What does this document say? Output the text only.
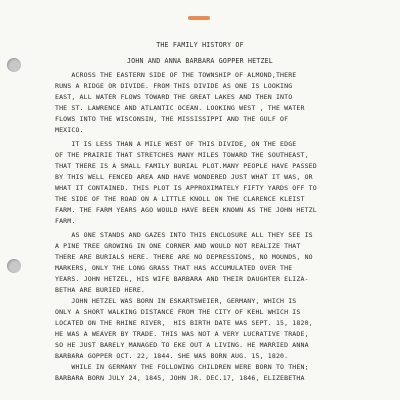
THE FAMILY HISTORY OF
JOHN AND ANNA BARBARA GOPPER HETZEL
ACROSS THE EASTERN SIDE OF THE TOWNSHIP OF ALMOND,THERE
RUNS A RIDGE OR DIVIDE. FROM THIS DIVIDE AS ONE IS LOOKING
EAST, ALL WATER FLOWS TOWARD THE GREAT LAKES AND THEN INTO
THE ST. LAWRENCE AND ATLANTIC OCEAN. LOOKING WEST , THE WATER
FLOWS INTO THE WISCONSIN, THE MISSISSIPPI AND THE GULF OF
MEXICO.
IT IS LESS THAN A MILE WEST OF THIS DIVIDE, ON THE EDGE
OF THE PRAIRIE THAT STRETCHES MANY MILES TOWARD THE SOUTHEAST,
THAT THERE IS A SMALL FAMILY BURIAL PLOT.MANY PEOPLE HAVE PASSED
BY THIS WELL FENCED AREA AND HAVE WONDERED JUST WHAT IT WAS, OR
WHAT IT CONTAINED. THIS PLOT IS APPROXIMATELY FIFTY YARDS OFF TO
THE SIDE OF THE ROAD ON A LITTLE KNOLL ON THE CLARENCE KLEIST
FARM. THE FARM YEARS AGO WOULD HAVE BEEN KNOWN AS THE JOHN HETZL
FARM.
AS ONE STANDS AND GAZES INTO THIS ENCLOSURE ALL THEY SEE IS
A PINE TREE GROWING IN ONE CORNER AND WOULD NOT REALIZE THAT
THERE ARE BURIALS HERE. THERE ARE NO DEPRESSIONS, NO MOUNDS, NO
MARKERS, ONLY THE LONG GRASS THAT HAS ACCUMULATED OVER THE
YEARS. JOHN HETZEL, HIS WIFE BARBARA AND THEIR DAUGHTER ELIZA-
BETHA ARE BURIED HERE.
JOHN HETZEL WAS BORN IN ESKARTSWEIER, GERMANY, WHICH IS
ONLY A SHORT WALKING DISTANCE FROM THE CITY OF KEHL WHICH IS
LOCATED ON THE RHINE RIVER,  HIS BIRTH DATE WAS SEPT. 15, 1820,
HE WAS A WEAVER BY TRADE. THIS WAS NOT A VERY LUCRATIVE TRADE,
SO HE JUST BARELY MANAGED TO EKE OUT A LIVING. HE MARRIED ANNA
BARBARA GOPPER OCT. 22, 1844. SHE WAS BORN AUG. 15, 1820.
WHILE IN GERMANY THE FOLLOWING CHILDREN WERE BORN TO THEN;
BARBARA BORN JULY 24, 1845, JOHN JR. DEC.17, 1846, ELIZEBETHA
